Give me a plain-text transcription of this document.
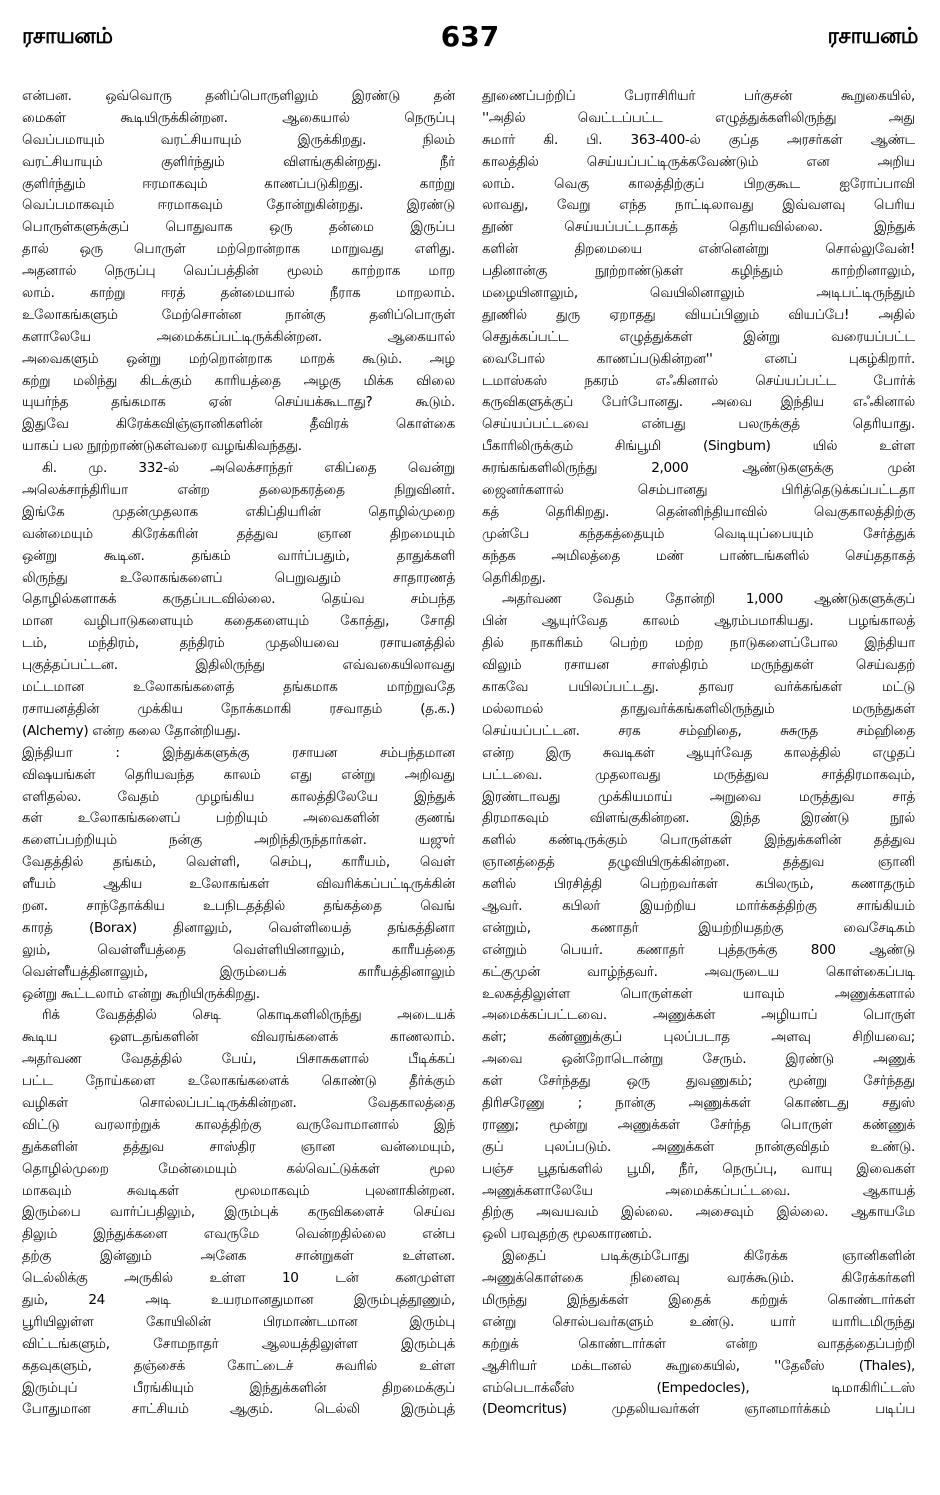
ரசாயனம்	637	ரசாயனம்
என்பன. ஒவ்வொரு தனிப்பொருளிலும் இரண்டு தன்
மைகள் கூடியிருக்கின்றன. ஆகையால் நெருப்பு
வெப்பமாயும் வரட்சியாயும் இருக்கிறது. நிலம்
வரட்சியாயும் குளிர்ந்தும் விளங்குகின்றது. நீர்
குளிர்ந்தும் ஈரமாகவும் காணப்படுகிறது. காற்று
வெப்பமாகவும் ஈரமாகவும் தோன்றுகின்றது. இரண்டு
பொருள்களுக்குப் பொதுவாக ஒரு தன்மை இருப்ப
தால் ஒரு பொருள் மற்றொன்றாக மாறுவது எளிது.
அதனால் நெருப்பு வெப்பத்தின் மூலம் காற்றாக மாற
லாம். காற்று ஈரத் தன்மையால் நீராக மாறலாம்.
உலோகங்களும் மேற்சொன்ன நான்கு தனிப்பொருள்
களாலேயே அமைக்கப்பட்டிருக்கின்றன. ஆகையால்
அவைகளும் ஒன்று மற்றொன்றாக மாறக் கூடும். அழ
கற்று மலிந்து கிடக்கும் காரியத்தை அழகு மிக்க விலை
யுயர்ந்த தங்கமாக ஏன் செய்யக்கூடாது? கூடும்.
இதுவே கிரேக்கவிஞ்ஞானிகளின் தீவிரக் கொள்கை
யாகப் பல நூற்றாண்டுகள்வரை வழங்கிவந்தது.
கி. மு. 332-ல் அலெக்சாந்தர் எகிப்தை வென்று
அலெக்சாந்திரியா என்ற தலைநகரத்தை நிறுவினர்.
இங்கே முதன்முதலாக எகிப்தியரின் தொழில்முறை
வன்மையும் கிரேக்கரின் தத்துவ ஞான திறமையும்
ஒன்று கூடின. தங்கம் வார்ப்பதும், தாதுக்களி
லிருந்து உலோகங்களைப் பெறுவதும் சாதாரணத்
தொழில்களாகக் கருதப்படவில்லை. தெய்வ சம்பந்த
மான வழிபாடுகளையும் கதைகளையும் கோத்து, சோதி
டம், மந்திரம், தந்திரம் முதலியவை ரசாயனத்தில்
புகுத்தப்பட்டன. இதிலிருந்து எவ்வகையிலாவது
மட்டமான உலோகங்களைத் தங்கமாக மாற்றுவதே
ரசாயனத்தின் முக்கிய நோக்கமாகி ரசவாதம் (த.க.)
(Alchemy) என்ற கலை தோன்றியது.
இந்தியா : இந்துக்களுக்கு ரசாயன சம்பந்தமான
விஷயங்கள் தெரியவந்த காலம் எது என்று அறிவது
எளிதல்ல. வேதம் முழங்கிய காலத்திலேயே இந்துக்
கள் உலோகங்களைப் பற்றியும் அவைகளின் குணங்
களைப்பற்றியும் நன்கு அறிந்திருந்தார்கள். யஜுர்
வேதத்தில் தங்கம், வெள்ளி, செம்பு, காரீயம், வெள்
ளீயம் ஆகிய உலோகங்கள் விவரிக்கப்பட்டிருக்கின்
றன. சாந்தோக்கிய உபநிடதத்தில் தங்கத்தை வெங்
காரத் (Borax) தினாலும், வெள்ளியைத் தங்கத்தினா
லும், வெள்ளீயத்தை வெள்ளியினாலும், காரீயத்தை
வெள்ளீயத்தினாலும், இரும்பைக் காரீயத்தினாலும்
ஒன்று கூட்டலாம் என்று கூறியிருக்கிறது.
ரிக் வேதத்தில் செடி கொடிகளிலிருந்து அடையக்
கூடிய ஔடதங்களின் விவரங்களைக் காணலாம்.
அதர்வண வேதத்தில் பேய், பிசாசுகளால் பீடிக்கப்
பட்ட நோய்களை உலோகங்களைக் கொண்டு தீர்க்கும்
வழிகள் சொல்லப்பட்டிருக்கின்றன. வேதகாலத்தை
விட்டு வரலாற்றுக் காலத்திற்கு வருவோமானால் இந்
துக்களின் தத்துவ சாஸ்திர ஞான வன்மையும்,
தொழில்முறை மேன்மையும் கல்வெட்டுக்கள் மூல
மாகவும் சுவடிகள் மூலமாகவும் புலனாகின்றன.
இரும்பை வார்ப்பதிலும், இரும்புக் கருவிகளைச் செய்வ
திலும் இந்துக்களை எவருமே வென்றதில்லை என்ப
தற்கு இன்னும் அனேக சான்றுகள் உள்ளன.
டெல்லிக்கு அருகில் உள்ள 10 டன் கனமுள்ள
தும், 24 அடி உயரமானதுமான இரும்புத்தூணும்,
பூரியிலுள்ள கோயிலின் பிரமாண்டமான இரும்பு
விட்டங்களும், சோமநாதர் ஆலயத்திலுள்ள இரும்புக்
கதவுகளும், தஞ்சைக் கோட்டைச் சுவரில் உள்ள
இரும்புப் பீரங்கியும் இந்துக்களின் திறமைக்குப்
போதுமான சாட்சியம் ஆகும். டெல்லி இரும்புத்
தூணைப்பற்றிப் பேராசிரியர் பர்குசன் கூறுகையில்,
''அதில் வெட்டப்பட்ட எழுத்துக்களிலிருந்து அது
சுமார் கி. பி. 363-400-ல் குப்த அரசர்கள் ஆண்ட
காலத்தில் செய்யப்பட்டிருக்கவேண்டும் என அறிய
லாம். வெகு காலத்திற்குப் பிறகுகூட ஐரோப்பாவி
லாவது, வேறு எந்த நாட்டிலாவது இவ்வளவு பெரிய
தூண் செய்யப்பட்டதாகத் தெரியவில்லை. இந்துக்
களின் திறமையை என்னென்று சொல்லுவேன்!
பதினான்கு நூற்றாண்டுகள் கழிந்தும் காற்றினாலும்,
மழையினாலும், வெயிலினாலும் அடிபட்டிருந்தும்
தூணில் துரு ஏறாதது வியப்பினும் வியப்பே! அதில்
செதுக்கப்பட்ட எழுத்துக்கள் இன்று வரையப்பட்ட
வைபோல் காணப்படுகின்றன'' எனப் புகழ்கிறார்.
டமாஸ்கஸ் நகரம் எஃகினால் செய்யப்பட்ட போர்க்
கருவிகளுக்குப் பேர்போனது. அவை இந்திய எஃகினால்
செய்யப்பட்டவை என்பது பலருக்குத் தெரியாது.
பீகாரிலிருக்கும் சிங்பூமி (Singbum) யில் உள்ள
சுரங்கங்களிலிருந்து 2,000 ஆண்டுகளுக்கு முன்
ஜைனர்களால் செம்பானது பிரித்தெடுக்கப்பட்டதா
கத் தெரிகிறது. தென்னிந்தியாவில் வெகுகாலத்திற்கு
முன்பே கந்தகத்தையும் வெடியுப்பையும் சேர்த்துக்
கந்தக அமிலத்தை மண் பாண்டங்களில் செய்ததாகத்
தெரிகிறது.
அதர்வண வேதம் தோன்றி 1,000 ஆண்டுகளுக்குப்
பின் ஆயுர்வேத காலம் ஆரம்பமாகியது. பழங்காலத்
தில் நாகரிகம் பெற்ற மற்ற நாடுகளைப்போல இந்தியா
விலும் ரசாயன சாஸ்திரம் மருந்துகள் செய்வதற்
காகவே பயிலப்பட்டது. தாவர வர்க்கங்கள் மட்டு
மல்லாமல் தாதுவர்க்கங்களிலிருந்தும் மருந்துகள்
செய்யப்பட்டன. சரக சம்ஹிதை, சுசுருத சம்ஹிதை
என்ற இரு சுவடிகள் ஆயுர்வேத காலத்தில் எழுதப்
பட்டவை. முதலாவது மருத்துவ சாத்திரமாகவும்,
இரண்டாவது முக்கியமாய் அறுவை மருத்துவ சாத்
திரமாகவும் விளங்குகின்றன. இந்த இரண்டு நூல்
களில் கண்டிருக்கும் பொருள்கள் இந்துக்களின் தத்துவ
ஞானத்தைத் தழுவியிருக்கின்றன. தத்துவ ஞானி
களில் பிரசித்தி பெற்றவர்கள் கபிலரும், கணாதரும்
ஆவர். கபிலர் இயற்றிய மார்க்கத்திற்கு சாங்கியம்
என்றும், கணாதர் இயற்றியதற்கு வைசேடிகம்
என்றும் பெயர். கணாதர் புத்தருக்கு 800 ஆண்டு
கட்குமுன் வாழ்ந்தவர். அவருடைய கொள்கைப்படி
உலகத்திலுள்ள பொருள்கள் யாவும் அணுக்களால்
அமைக்கப்பட்டவை. அணுக்கள் அழியாப் பொருள்
கள்; கண்ணுக்குப் புலப்படாத அளவு சிறியவை;
அவை ஒன்றோடொன்று சேரும். இரண்டு அணுக்
கள் சேர்ந்தது ஒரு துவணுகம்; மூன்று சேர்ந்தது
திரிசரேணு ; நான்கு அணுக்கள் கொண்டது சதுஸ்
ராணு; மூன்று அணுக்கள் சேர்ந்த பொருள் கண்ணுக்
குப் புலப்படும். அணுக்கள் நான்குவிதம் உண்டு.
பஞ்ச பூதங்களில் பூமி, நீர், நெருப்பு, வாயு இவைகள்
அணுக்களாலேயே அமைக்கப்பட்டவை. ஆகாயத்
திற்கு அவயவம் இல்லை. அசைவும் இல்லை. ஆகாயமே
ஒலி பரவுதற்கு மூலகாரணம்.
இதைப் படிக்கும்போது கிரேக்க ஞானிகளின்
அணுக்கொள்கை நினைவு வரக்கூடும். கிரேக்கர்களி
மிருந்து இந்துக்கள் இதைக் கற்றுக் கொண்டார்கள்
என்று சொல்பவர்களும் உண்டு. யார் யாரிடமிருந்து
கற்றுக் கொண்டார்கள் என்ற வாதத்தைப்பற்றி
ஆசிரியர் மக்டானல் கூறுகையில், ''தேலீஸ் (Thales),
எம்பெடாக்லீஸ் (Empedocles), டிமாகிரிட்டஸ்
(Deomcritus) முதலியவர்கள் ஞானமார்க்கம் படிப்ப
